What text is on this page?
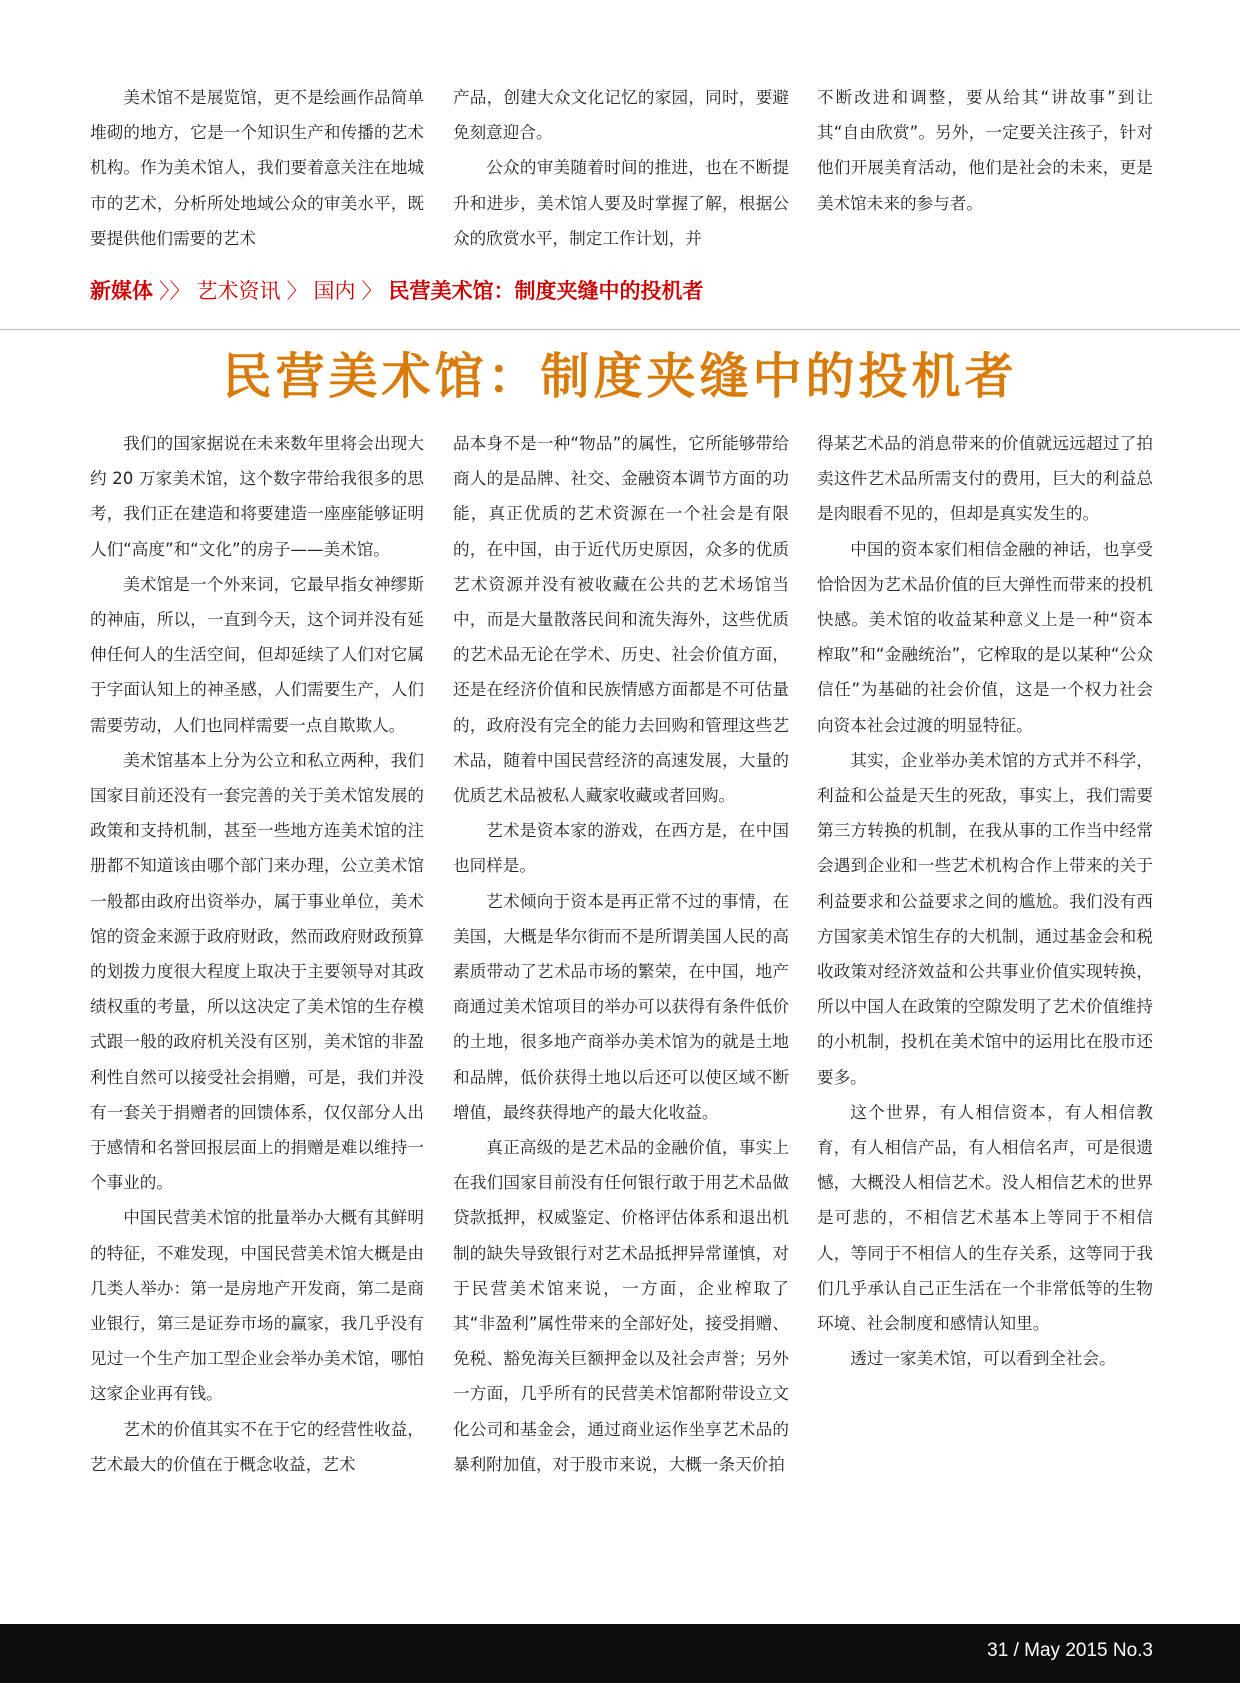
美术馆不是展览馆，更不是绘画作品简单堆砌的地方，它是一个知识生产和传播的艺术机构。作为美术馆人，我们要着意关注在地城市的艺术，分析所处地域公众的审美水平，既要提供他们需要的艺术

产品，创建大众文化记忆的家园，同时，要避免刻意迎合。

公众的审美随着时间的推进，也在不断提升和进步，美术馆人要及时掌握了解，根据公众的欣赏水平，制定工作计划，并

不断改进和调整，要从给其“讲故事”到让其“自由欣赏”。另外，一定要关注孩子，针对他们开展美育活动，他们是社会的未来，更是美术馆未来的参与者。

新媒体 〉〉 艺术资讯 〉 国内 〉 民营美术馆：制度夹缝中的投机者
民营美术馆：制度夹缝中的投机者

我们的国家据说在未来数年里将会出现大约 20 万家美术馆，这个数字带给我很多的思考，我们正在建造和将要建造一座座能够证明人们“高度”和“文化”的房子——美术馆。

美术馆是一个外来词，它最早指女神缪斯的神庙，所以，一直到今天，这个词并没有延伸任何人的生活空间，但却延续了人们对它属于字面认知上的神圣感，人们需要生产，人们需要劳动，人们也同样需要一点自欺欺人。

美术馆基本上分为公立和私立两种，我们国家目前还没有一套完善的关于美术馆发展的政策和支持机制，甚至一些地方连美术馆的注册都不知道该由哪个部门来办理，公立美术馆一般都由政府出资举办，属于事业单位，美术馆的资金来源于政府财政，然而政府财政预算的划拨力度很大程度上取决于主要领导对其政绩权重的考量，所以这决定了美术馆的生存模式跟一般的政府机关没有区别，美术馆的非盈利性自然可以接受社会捐赠，可是，我们并没有一套关于捐赠者的回馈体系，仅仅部分人出于感情和名誉回报层面上的捐赠是难以维持一个事业的。

中国民营美术馆的批量举办大概有其鲜明的特征，不难发现，中国民营美术馆大概是由几类人举办：第一是房地产开发商，第二是商业银行，第三是证券市场的赢家，我几乎没有见过一个生产加工型企业会举办美术馆，哪怕这家企业再有钱。

艺术的价值其实不在于它的经营性收益，艺术最大的价值在于概念收益，艺术

品本身不是一种“物品”的属性，它所能够带给商人的是品牌、社交、金融资本调节方面的功能，真正优质的艺术资源在一个社会是有限的，在中国，由于近代历史原因，众多的优质艺术资源并没有被收藏在公共的艺术场馆当中，而是大量散落民间和流失海外，这些优质的艺术品无论在学术、历史、社会价值方面，还是在经济价值和民族情感方面都是不可估量的，政府没有完全的能力去回购和管理这些艺术品，随着中国民营经济的高速发展，大量的优质艺术品被私人藏家收藏或者回购。

艺术是资本家的游戏，在西方是，在中国也同样是。

艺术倾向于资本是再正常不过的事情，在美国，大概是华尔街而不是所谓美国人民的高素质带动了艺术品市场的繁荣，在中国，地产商通过美术馆项目的举办可以获得有条件低价的土地，很多地产商举办美术馆为的就是土地和品牌，低价获得土地以后还可以使区域不断增值，最终获得地产的最大化收益。

真正高级的是艺术品的金融价值，事实上在我们国家目前没有任何银行敢于用艺术品做贷款抵押，权威鉴定、价格评估体系和退出机制的缺失导致银行对艺术品抵押异常谨慎，对于民营美术馆来说，一方面，企业榨取了其“非盈利”属性带来的全部好处，接受捐赠、免税、豁免海关巨额押金以及社会声誉；另外一方面，几乎所有的民营美术馆都附带设立文化公司和基金会，通过商业运作坐享艺术品的暴利附加值，对于股市来说，大概一条天价拍

得某艺术品的消息带来的价值就远远超过了拍卖这件艺术品所需支付的费用，巨大的利益总是肉眼看不见的，但却是真实发生的。

中国的资本家们相信金融的神话，也享受恰恰因为艺术品价值的巨大弹性而带来的投机快感。美术馆的收益某种意义上是一种“资本榨取”和“金融统治”，它榨取的是以某种“公众信任”为基础的社会价值，这是一个权力社会向资本社会过渡的明显特征。

其实，企业举办美术馆的方式并不科学，利益和公益是天生的死敌，事实上，我们需要第三方转换的机制，在我从事的工作当中经常会遇到企业和一些艺术机构合作上带来的关于利益要求和公益要求之间的尴尬。我们没有西方国家美术馆生存的大机制，通过基金会和税收政策对经济效益和公共事业价值实现转换，所以中国人在政策的空隙发明了艺术价值维持的小机制，投机在美术馆中的运用比在股市还要多。

这个世界，有人相信资本，有人相信教育，有人相信产品，有人相信名声，可是很遗憾，大概没人相信艺术。没人相信艺术的世界是可悲的，不相信艺术基本上等同于不相信人，等同于不相信人的生存关系，这等同于我们几乎承认自己正生活在一个非常低等的生物环境、社会制度和感情认知里。

透过一家美术馆，可以看到全社会。

31 / May 2015 No.3
